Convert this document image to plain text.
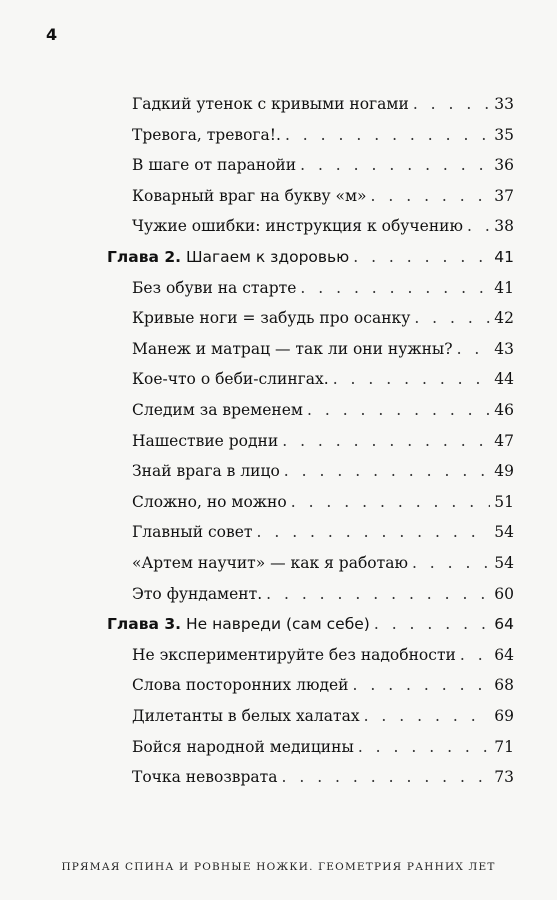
4
Гадкий утенок с кривыми ногами . . .	33
Тревога, тревога!. . . .	35
В шаге от паранойи . . .	36
Коварный враг на букву «м» . . .	37
Чужие ошибки: инструкция к обучению . . . 38
Глава 2. Шагаем к здоровью . . .	41
Без обуви на старте . . .	41
Кривые ноги = забудь про осанку . . .	42
Манеж и матрац — так ли они нужны? . . .	43
Кое-что о беби-слингах. . . .	44
Следим за временем . . .	46
Нашествие родни . . .	47
Знай врага в лицо . . .	49
Сложно, но можно . . .	51
Главный совет . . .	54
«Артем научит» — как я работаю . . .	54
Это фундамент. . . .	60
Глава 3. Не навреди (сам себе) . . .	64
Не экспериментируйте без надобности . . . 64
Слова посторонних людей . . .	68
Дилетанты в белых халатах . . .	69
Бойся народной медицины . . .	71
Точка невозврата . . .	73
ПРЯМАЯ СПИНА И РОВНЫЕ НОЖКИ. ГЕОМЕТРИЯ РАННИХ ЛЕТ
